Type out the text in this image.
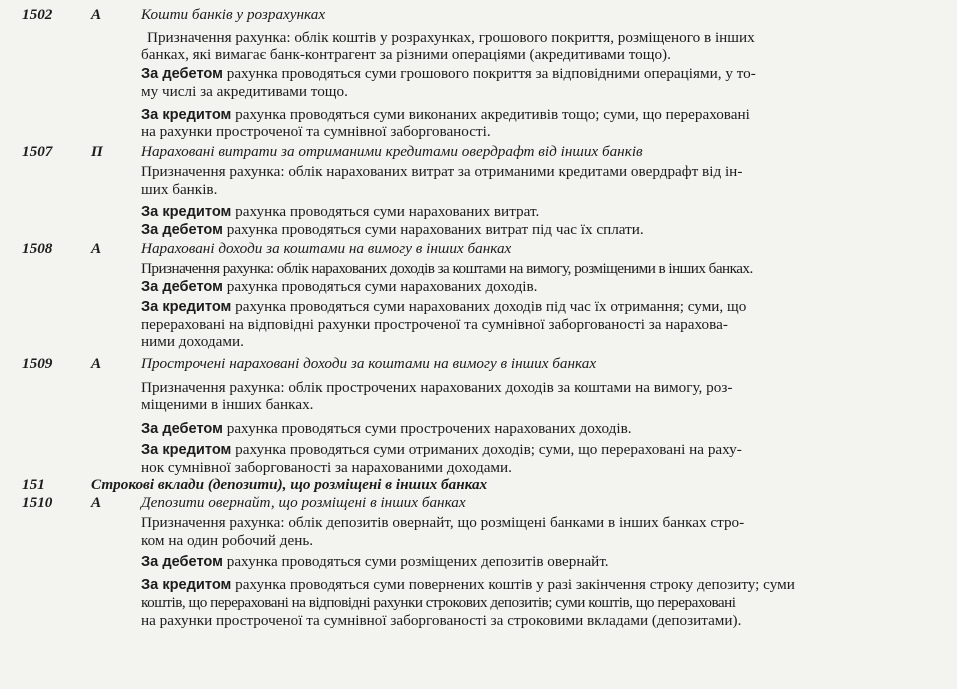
1502	А	Кошти банків у розрахунках
Призначення рахунка: облік коштів у розрахунках, грошового покриття, розміщеного в інших
банках, які вимагає банк-контрагент за різними операціями (акредитивами тощо).
За дебетом рахунка проводяться суми грошового покриття за відповідними операціями, у то-
му числі за акредитивами тощо.
За кредитом рахунка проводяться суми виконаних акредитивів тощо; суми, що перераховані
на рахунки простроченої та сумнівної заборгованості.
1507	П	Нараховані витрати за отриманими кредитами овердрафт від інших банків
Призначення рахунка: облік нарахованих витрат за отриманими кредитами овердрафт від ін-
ших банків.
За кредитом рахунка проводяться суми нарахованих витрат.
За дебетом рахунка проводяться суми нарахованих витрат під час їх сплати.
1508	А	Нараховані доходи за коштами на вимогу в інших банках
Призначення рахунка: облік нарахованих доходів за коштами на вимогу, розміщеними в інших банках.
За дебетом рахунка проводяться суми нарахованих доходів.
За кредитом рахунка проводяться суми нарахованих доходів під час їх отримання; суми, що
перераховані на відповідні рахунки простроченої та сумнівної заборгованості за нарахова-
ними доходами.
1509	А	Прострочені нараховані доходи за коштами на вимогу в інших банках
Призначення рахунка: облік прострочених нарахованих доходів за коштами на вимогу, роз-
міщеними в інших банках.
За дебетом рахунка проводяться суми прострочених нарахованих доходів.
За кредитом рахунка проводяться суми отриманих доходів; суми, що перераховані на раху-
нок сумнівної заборгованості за нарахованими доходами.
151	Строкові вклади (депозити), що розміщені в інших банках
1510	А	Депозити овернайт, що розміщені в інших банках
Призначення рахунка: облік депозитів овернайт, що розміщені банками в інших банках стро-
ком на один робочий день.
За дебетом рахунка проводяться суми розміщених депозитів овернайт.
За кредитом рахунка проводяться суми повернених коштів у разі закінчення строку депозиту; суми
коштів, що перераховані на відповідні рахунки строкових депозитів; суми коштів, що перераховані
на рахунки простроченої та сумнівної заборгованості за строковими вкладами (депозитами).
